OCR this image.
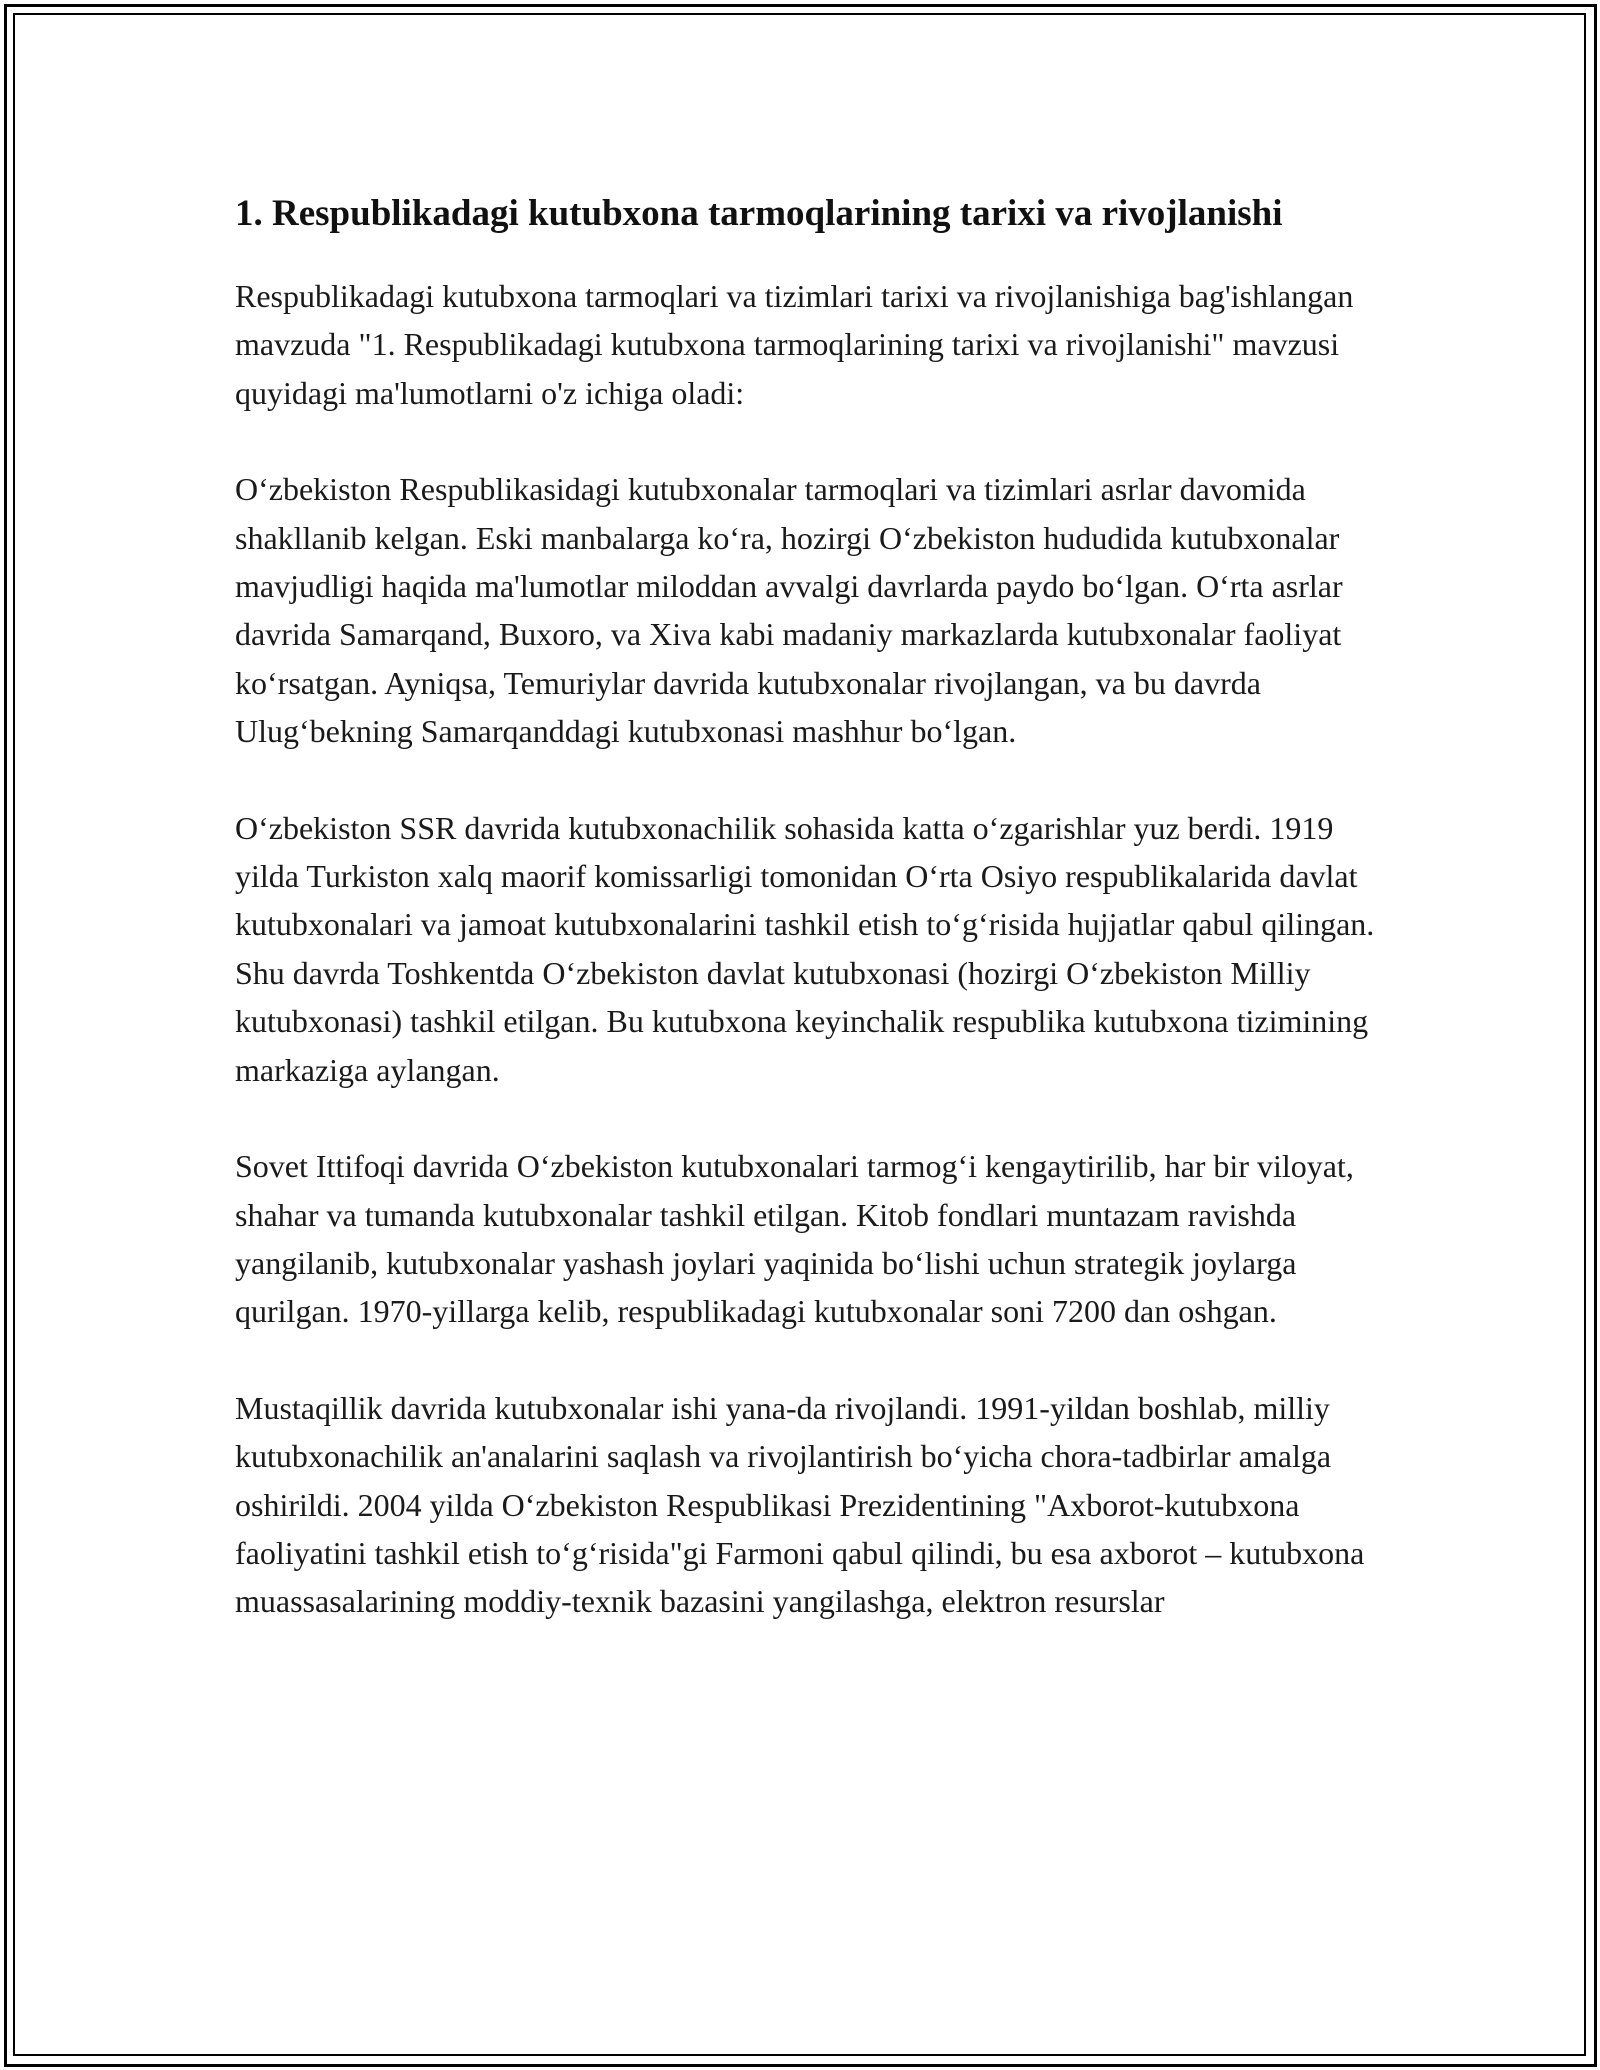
1. Respublikadagi kutubxona tarmoqlarining tarixi va rivojlanishi

Respublikadagi kutubxona tarmoqlari va tizimlari tarixi va rivojlanishiga bag'ishlangan mavzuda "1. Respublikadagi kutubxona tarmoqlarining tarixi va rivojlanishi" mavzusi quyidagi ma'lumotlarni o'z ichiga oladi:

Oʻzbekiston Respublikasidagi kutubxonalar tarmoqlari va tizimlari asrlar davomida shakllanib kelgan. Eski manbalarga koʻra, hozirgi Oʻzbekiston hududida kutubxonalar mavjudligi haqida ma'lumotlar miloddan avvalgi davrlarda paydo boʻlgan. Oʻrta asrlar davrida Samarqand, Buxoro, va Xiva kabi madaniy markazlarda kutubxonalar faoliyat koʻrsatgan. Ayniqsa, Temuriylar davrida kutubxonalar rivojlangan, va bu davrda Ulugʻbekning Samarqanddagi kutubxonasi mashhur boʻlgan.

Oʻzbekiston SSR davrida kutubxonachilik sohasida katta oʻzgarishlar yuz berdi. 1919 yilda Turkiston xalq maorif komissarligi tomonidan Oʻrta Osiyo respublikalarida davlat kutubxonalari va jamoat kutubxonalarini tashkil etish toʻgʻrisida hujjatlar qabul qilingan. Shu davrda Toshkentda Oʻzbekiston davlat kutubxonasi (hozirgi Oʻzbekiston Milliy kutubxonasi) tashkil etilgan. Bu kutubxona keyinchalik respublika kutubxona tizimining markaziga aylangan.

Sovet Ittifoqi davrida Oʻzbekiston kutubxonalari tarmogʻi kengaytirilib, har bir viloyat, shahar va tumanda kutubxonalar tashkil etilgan. Kitob fondlari muntazam ravishda yangilanib, kutubxonalar yashash joylari yaqinida boʻlishi uchun strategik joylarga qurilgan. 1970-yillarga kelib, respublikadagi kutubxonalar soni 7200 dan oshgan.

Mustaqillik davrida kutubxonalar ishi yana-da rivojlandi. 1991-yildan boshlab, milliy kutubxonachilik an'analarini saqlash va rivojlantirish boʻyicha chora-tadbirlar amalga oshirildi. 2004 yilda Oʻzbekiston Respublikasi Prezidentining "Axborot-kutubxona faoliyatini tashkil etish toʻgʻrisida"gi Farmoni qabul qilindi, bu esa axborot – kutubxona muassasalarining moddiy-texnik bazasini yangilashga, elektron resurslar
